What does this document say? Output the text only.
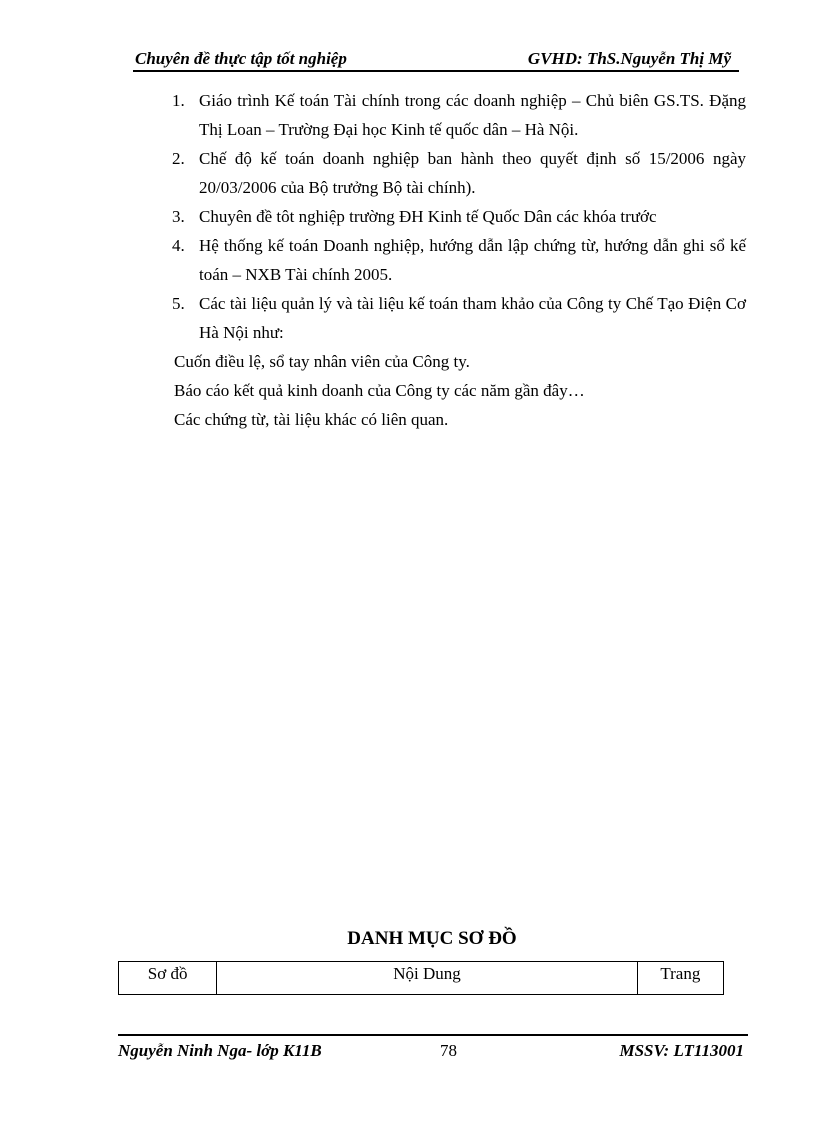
Chuyên đề thực tập tốt nghiệp	GVHD: ThS.Nguyễn Thị Mỹ
1. Giáo trình Kế toán Tài chính trong các doanh nghiệp – Chủ biên GS.TS. Đặng Thị Loan – Trường Đại học Kinh tế quốc dân – Hà Nội.
2. Chế độ kế toán doanh nghiệp ban hành theo quyết định số 15/2006 ngày 20/03/2006 của Bộ trưởng Bộ tài chính).
3. Chuyên đề tôt nghiệp trường ĐH Kinh tế Quốc Dân các khóa trước
4. Hệ thống kế toán Doanh nghiệp, hướng dẫn lập chứng từ, hướng dẫn ghi sổ kế toán – NXB Tài chính 2005.
5. Các tài liệu quản lý và tài liệu kế toán tham khảo của Công ty Chế Tạo Điện Cơ Hà Nội như:

Cuốn điều lệ, sổ tay nhân viên của Công ty.

Báo cáo kết quả kinh doanh của Công ty các năm gần đây…

Các chứng từ, tài liệu khác có liên quan.

DANH MỤC SƠ ĐỒ
Sơ đồ	Nội Dung	Trang
Nguyễn Ninh Nga- lớp K11B	78	MSSV: LT113001
